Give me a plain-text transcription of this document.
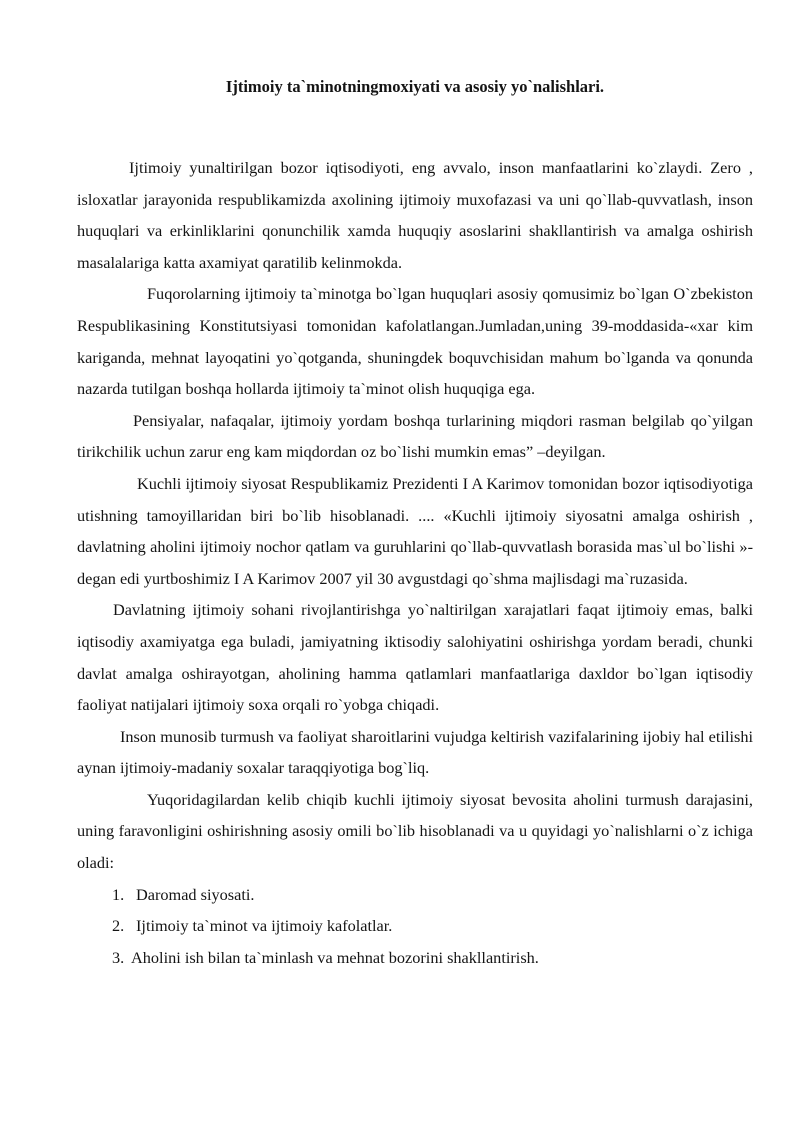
Ijtimoiy ta`minotningmoxiyati va asosiy yo`nalishlari.

Ijtimoiy yunaltirilgan bozor iqtisodiyoti, eng avvalo, inson manfaatlarini ko`zlaydi. Zero , isloxatlar jarayonida respublikamizda axolining ijtimoiy muxofazasi va uni qo`llab-quvvatlash, inson huquqlari va erkinliklarini qonunchilik xamda huquqiy asoslarini shakllantirish va amalga oshirish masalalariga katta axamiyat qaratilib kelinmokda.

Fuqorolarning ijtimoiy ta`minotga bo`lgan huquqlari asosiy qomusimiz bo`lgan O`zbekiston Respublikasining Konstitutsiyasi tomonidan kafolatlangan.Jumladan,uning 39-moddasida-«xar kim kariganda, mehnat layoqatini yo`qotganda, shuningdek boquvchisidan mahum bo`lganda va qonunda nazarda tutilgan boshqa hollarda ijtimoiy ta`minot olish huquqiga ega.

Pensiyalar, nafaqalar, ijtimoiy yordam boshqa turlarining miqdori rasman belgilab qo`yilgan tirikchilik uchun zarur eng kam miqdordan oz bo`lishi mumkin emas” –deyilgan.

Kuchli ijtimoiy siyosat Respublikamiz Prezidenti I A Karimov tomonidan bozor iqtisodiyotiga utishning tamoyillaridan biri bo`lib hisoblanadi. .... «Kuchli ijtimoiy siyosatni amalga oshirish , davlatning aholini ijtimoiy nochor qatlam va guruhlarini qo`llab-quvvatlash borasida mas`ul bo`lishi »- degan edi yurtboshimiz I A Karimov 2007 yil 30 avgustdagi qo`shma majlisdagi ma`ruzasida.

Davlatning ijtimoiy sohani rivojlantirishga yo`naltirilgan xarajatlari faqat ijtimoiy emas, balki iqtisodiy axamiyatga ega buladi, jamiyatning iktisodiy salohiyatini oshirishga yordam beradi, chunki davlat amalga oshirayotgan, aholining hamma qatlamlari manfaatlariga daxldor bo`lgan iqtisodiy faoliyat natijalari ijtimoiy soxa orqali ro`yobga chiqadi.

Inson munosib turmush va faoliyat sharoitlarini vujudga keltirish vazifalarining ijobiy hal etilishi aynan ijtimoiy-madaniy soxalar taraqqiyotiga bog`liq.

Yuqoridagilardan kelib chiqib kuchli ijtimoiy siyosat bevosita aholini turmush darajasini, uning faravonligini oshirishning asosiy omili bo`lib hisoblanadi va u quyidagi yo`nalishlarni o`z ichiga oladi:

1. Daromad siyosati.
2. Ijtimoiy ta`minot va ijtimoiy kafolatlar.
3. Aholini ish bilan ta`minlash va mehnat bozorini shakllantirish.
